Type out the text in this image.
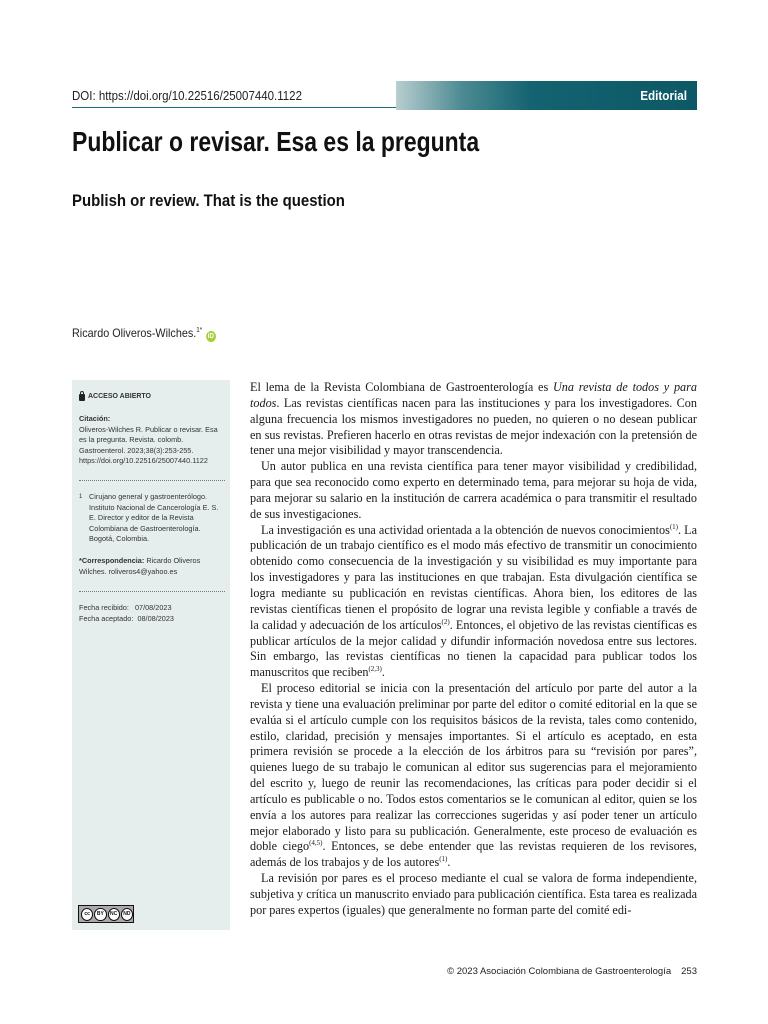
DOI: https://doi.org/10.22516/25007440.1122	Editorial
Publicar o revisar. Esa es la pregunta
Publish or review. That is the question
Ricardo Oliveros-Wilches.$^{1*}$iD
ACCESO ABIERTO
Citación:
Oliveros-Wilches R. Publicar o revisar. Esa es la pregunta. Revista. colomb. Gastroenterol. 2023;38(3):253-255. https://doi.org/10.22516/25007440.1122
1 Cirujano general y gastroenterólogo. Instituto Nacional de Cancerología E. S. E. Director y editor de la Revista Colombiana de Gastroenterología. Bogotá, Colombia.
*Correspondencia: Ricardo Oliveros Wilches. roliveros4@yahoo.es
Fecha recibido: 07/08/2023
Fecha aceptado: 08/08/2023
cc	BY	NC	ND

El lema de la Revista Colombiana de Gastroenterología es Una revista de todos y para todos. Las revistas científicas nacen para las instituciones y para los investigadores. Con alguna frecuencia los mismos investigadores no pueden, no quieren o no desean publicar en sus revistas. Prefieren hacerlo en otras revistas de mejor indexación con la pretensión de tener una mejor visibilidad y mayor transcendencia.

Un autor publica en una revista científica para tener mayor visibilidad y credibilidad, para que sea reconocido como experto en determinado tema, para mejorar su hoja de vida, para mejorar su salario en la institución de carrera académica o para transmitir el resultado de sus investigaciones.

La investigación es una actividad orientada a la obtención de nuevos conocimientos$^{(1)}$. La publicación de un trabajo científico es el modo más efectivo de transmitir un conocimiento obtenido como consecuencia de la investigación y su visibilidad es muy importante para los investigadores y para las instituciones en que trabajan. Esta divulgación científica se logra mediante su publicación en revistas científicas. Ahora bien, los editores de las revistas científicas tienen el propósito de lograr una revista legible y confiable a través de la calidad y adecuación de los artículos$^{(2)}$. Entonces, el objetivo de las revistas científicas es publicar artículos de la mejor calidad y difundir información novedosa entre sus lectores. Sin embargo, las revistas científicas no tienen la capacidad para publicar todos los manuscritos que reciben$^{(2,3)}$.

El proceso editorial se inicia con la presentación del artículo por parte del autor a la revista y tiene una evaluación preliminar por parte del editor o comité editorial en la que se evalúa si el artículo cumple con los requisitos básicos de la revista, tales como contenido, estilo, claridad, precisión y mensajes importantes. Si el artículo es aceptado, en esta primera revisión se procede a la elección de los árbitros para su “revisión por pares”, quienes luego de su trabajo le comunican al editor sus sugerencias para el mejoramiento del escrito y, luego de reunir las recomendaciones, las críticas para poder decidir si el artículo es publicable o no. Todos estos comentarios se le comunican al editor, quien se los envía a los autores para realizar las correcciones sugeridas y así poder tener un artículo mejor elaborado y listo para su publicación. Generalmente, este proceso de evaluación es doble ciego$^{(4,5)}$. Entonces, se debe entender que las revistas requieren de los revisores, además de los trabajos y de los autores$^{(1)}$.

La revisión por pares es el proceso mediante el cual se valora de forma independiente, subjetiva y crítica un manuscrito enviado para publicación científica. Esta tarea es realizada por pares expertos (iguales) que generalmente no forman parte del comité edi-

© 2023 Asociación Colombiana de Gastroenterología 253
